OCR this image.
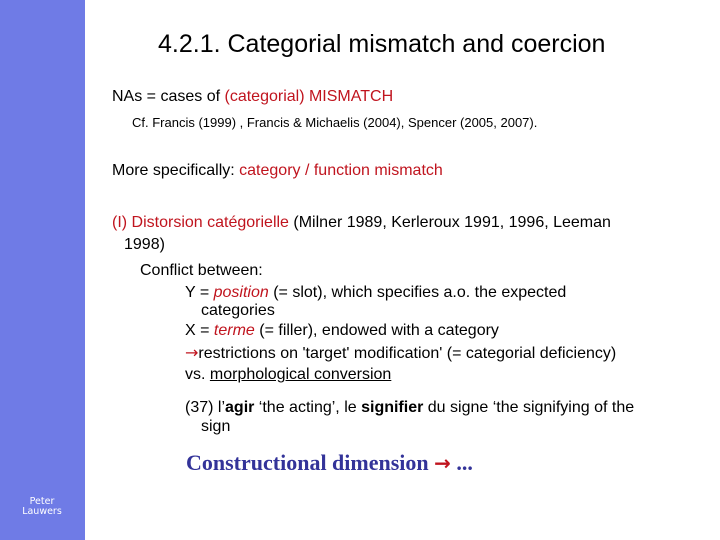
Peter
Lauwers
4.2.1. Categorial mismatch and coercion
NAs = cases of (categorial) MISMATCH
Cf. Francis (1999) , Francis & Michaelis (2004), Spencer (2005, 2007).
More specifically: category / function mismatch
(I) Distorsion catégorielle (Milner 1989, Kerleroux 1991, 1996, Leeman
1998)
Conflict between:
Y = position (= slot), which specifies a.o. the expected
categories
X = terme (= filler), endowed with a category
→restrictions on 'target' modification' (= categorial deficiency)
vs. morphological conversion
(37) l’agir ‘the acting’, le signifier du signe ‘the signifying of the
sign
Constructional dimension → ...
